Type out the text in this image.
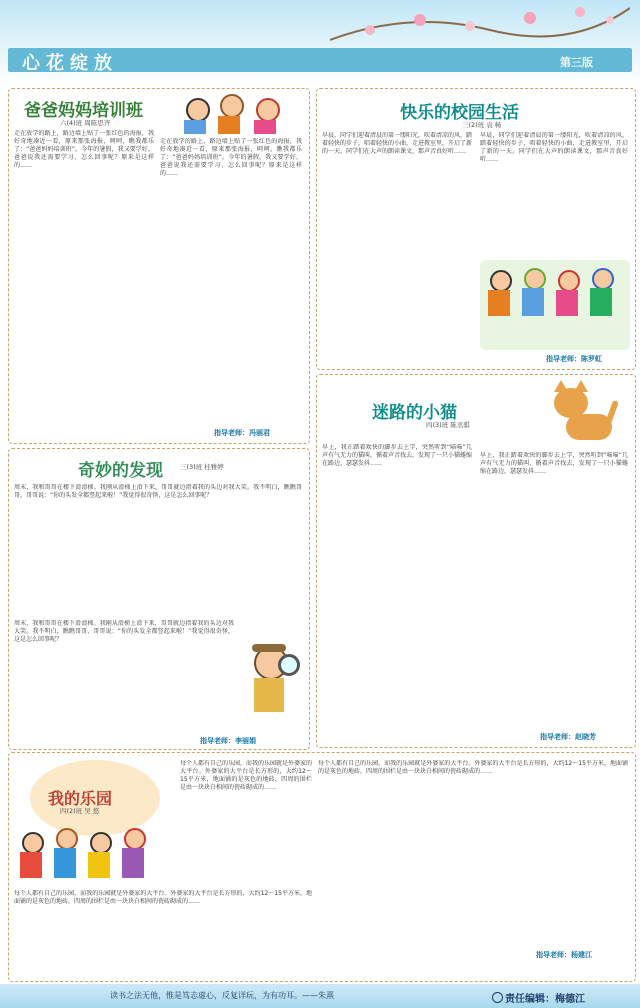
心花绽放	第三版
爸爸妈妈培训班
六(4)班 周陈思齐
走在放学的路上，路边墙上贴了一张红色的海报，我好奇地凑近一看，原来那张海报，呵呵，瞧我都乐了：“爸爸妈妈培训班”。今年的暑假，我又要学好，爸爸说我还需要学习，怎么回事呢？原来是这样的……
走在放学的路上，路边墙上贴了一张红色的海报，我好奇地凑近一看，原来那张海报，呵呵，瞧我都乐了：“爸爸妈妈培训班”。今年的暑假，我又要学好，爸爸说我还需要学习，怎么回事呢？原来是这样的……
指导老师：冯丽君
快乐的校园生活
三(2)班 袁 畅
早晨，同学们迎着清晨的第一缕阳光，吹着清凉的风，踏着轻快的步子，唱着轻快的小曲，走进教室里，开启了新的一天。同学们在大声的朗读课文，那声音真好听……
早晨，同学们迎着清晨的第一缕阳光，吹着清凉的风，踏着轻快的步子，唱着轻快的小曲，走进教室里，开启了新的一天。同学们在大声的朗读课文，那声音真好听……
指导老师：陈罗虹
奇妙的发现	三(3)班 桂雅婷
周末，我和哥哥在楼下滑滑梯。我刚从滑梯上滑下来，哥哥就边指着我的头边对我大笑。我不明白，瞧瞧哥哥，哥哥说：“你的头发全都竖起来啦！”我觉得很奇怪，这是怎么回事呢？
周末，我和哥哥在楼下滑滑梯。我刚从滑梯上滑下来，哥哥就边指着我的头边对我大笑。我不明白，瞧瞧哥哥，哥哥说：“你的头发全都竖起来啦！”我觉得很奇怪，这是怎么回事呢？
指导老师：李丽娟
迷路的小猫
四(3)班 陈丞骐
早上，我正踏着欢快的脚步去上学，突然听到“喵喵”几声有气无力的猫叫，循着声音找去，发现了一只小猫蜷缩在路边，瑟瑟发抖……
早上，我正踏着欢快的脚步去上学，突然听到“喵喵”几声有气无力的猫叫，循着声音找去，发现了一只小猫蜷缩在路边，瑟瑟发抖……
指导老师：赵晓芳
我的乐园
四(2)班 吴 悠
每个人都有自己的乐园，而我的乐园就是外婆家的大平台。外婆家的大平台是长方形的，大约12～15平方米，地面铺的是灰色的地砖，四周的围栏是由一块块白相间的瓷砖砌成的……
每个人都有自己的乐园，而我的乐园就是外婆家的大平台。外婆家的大平台是长方形的，大约12～15平方米，地面铺的是灰色的地砖，四周的围栏是由一块块白相间的瓷砖砌成的……
每个人都有自己的乐园，而我的乐园就是外婆家的大平台。外婆家的大平台是长方形的，大约12～15平方米，地面铺的是灰色的地砖，四周的围栏是由一块块白相间的瓷砖砌成的……
指导老师：杨建江
读书之法无他，惟是笃志虚心，反复详玩，为有功耳。——朱熹	责任编辑：梅德江
